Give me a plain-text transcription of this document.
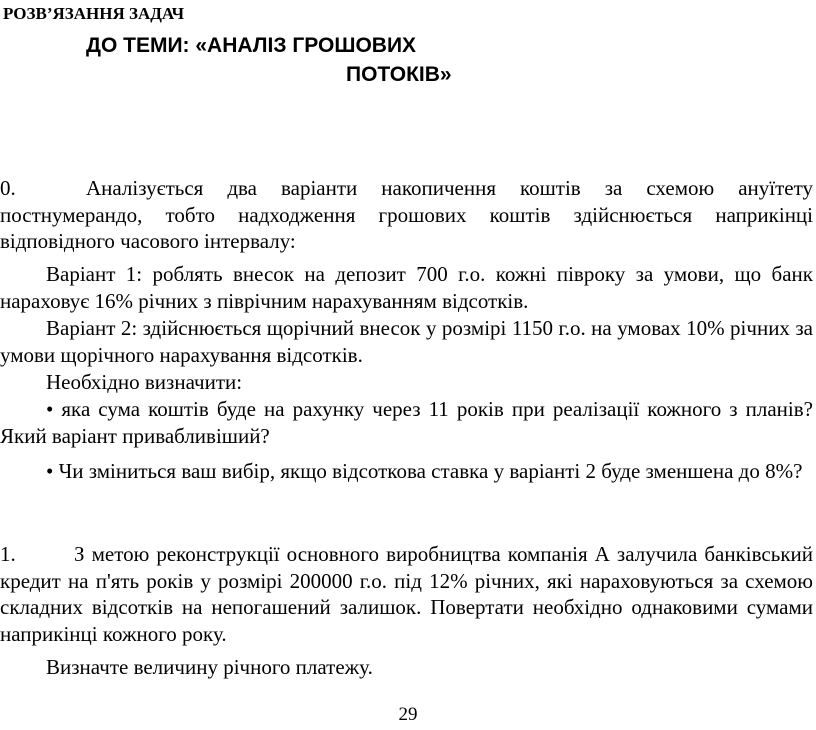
РОЗВ’ЯЗАННЯ ЗАДАЧ
ДО ТЕМИ: «АНАЛІЗ ГРОШОВИХ
ПОТОКІВ»
0.	Аналізується два варіанти накопичення коштів за схемою ануїтету постнумерандо, тобто надходження грошових коштів здійснюється наприкінці відповідного часового інтервалу:
Варіант 1: роблять внесок на депозит 700 г.о. кожні півроку за умови, що банк нараховує 16% річних з піврічним нарахуванням відсотків.
Варіант 2: здійснюється щорічний внесок у розмірі 1150 г.о. на умовах 10% річних за умови щорічного нарахування відсотків.
Необхідно визначити:
• яка сума коштів буде на рахунку через 11 років при реалізації кожного з планів? Який варіант привабливіший?
• Чи зміниться ваш вибір, якщо відсоткова ставка у варіанті 2 буде зменшена до 8%?
1.	З метою реконструкції основного виробництва компанія А залучила банківський кредит на п'ять років у розмірі 200000 г.о. під 12% річних, які нараховуються за схемою складних відсотків на непогашений залишок. Повертати необхідно однаковими сумами наприкінці кожного року.
Визначте величину річного платежу.
29
